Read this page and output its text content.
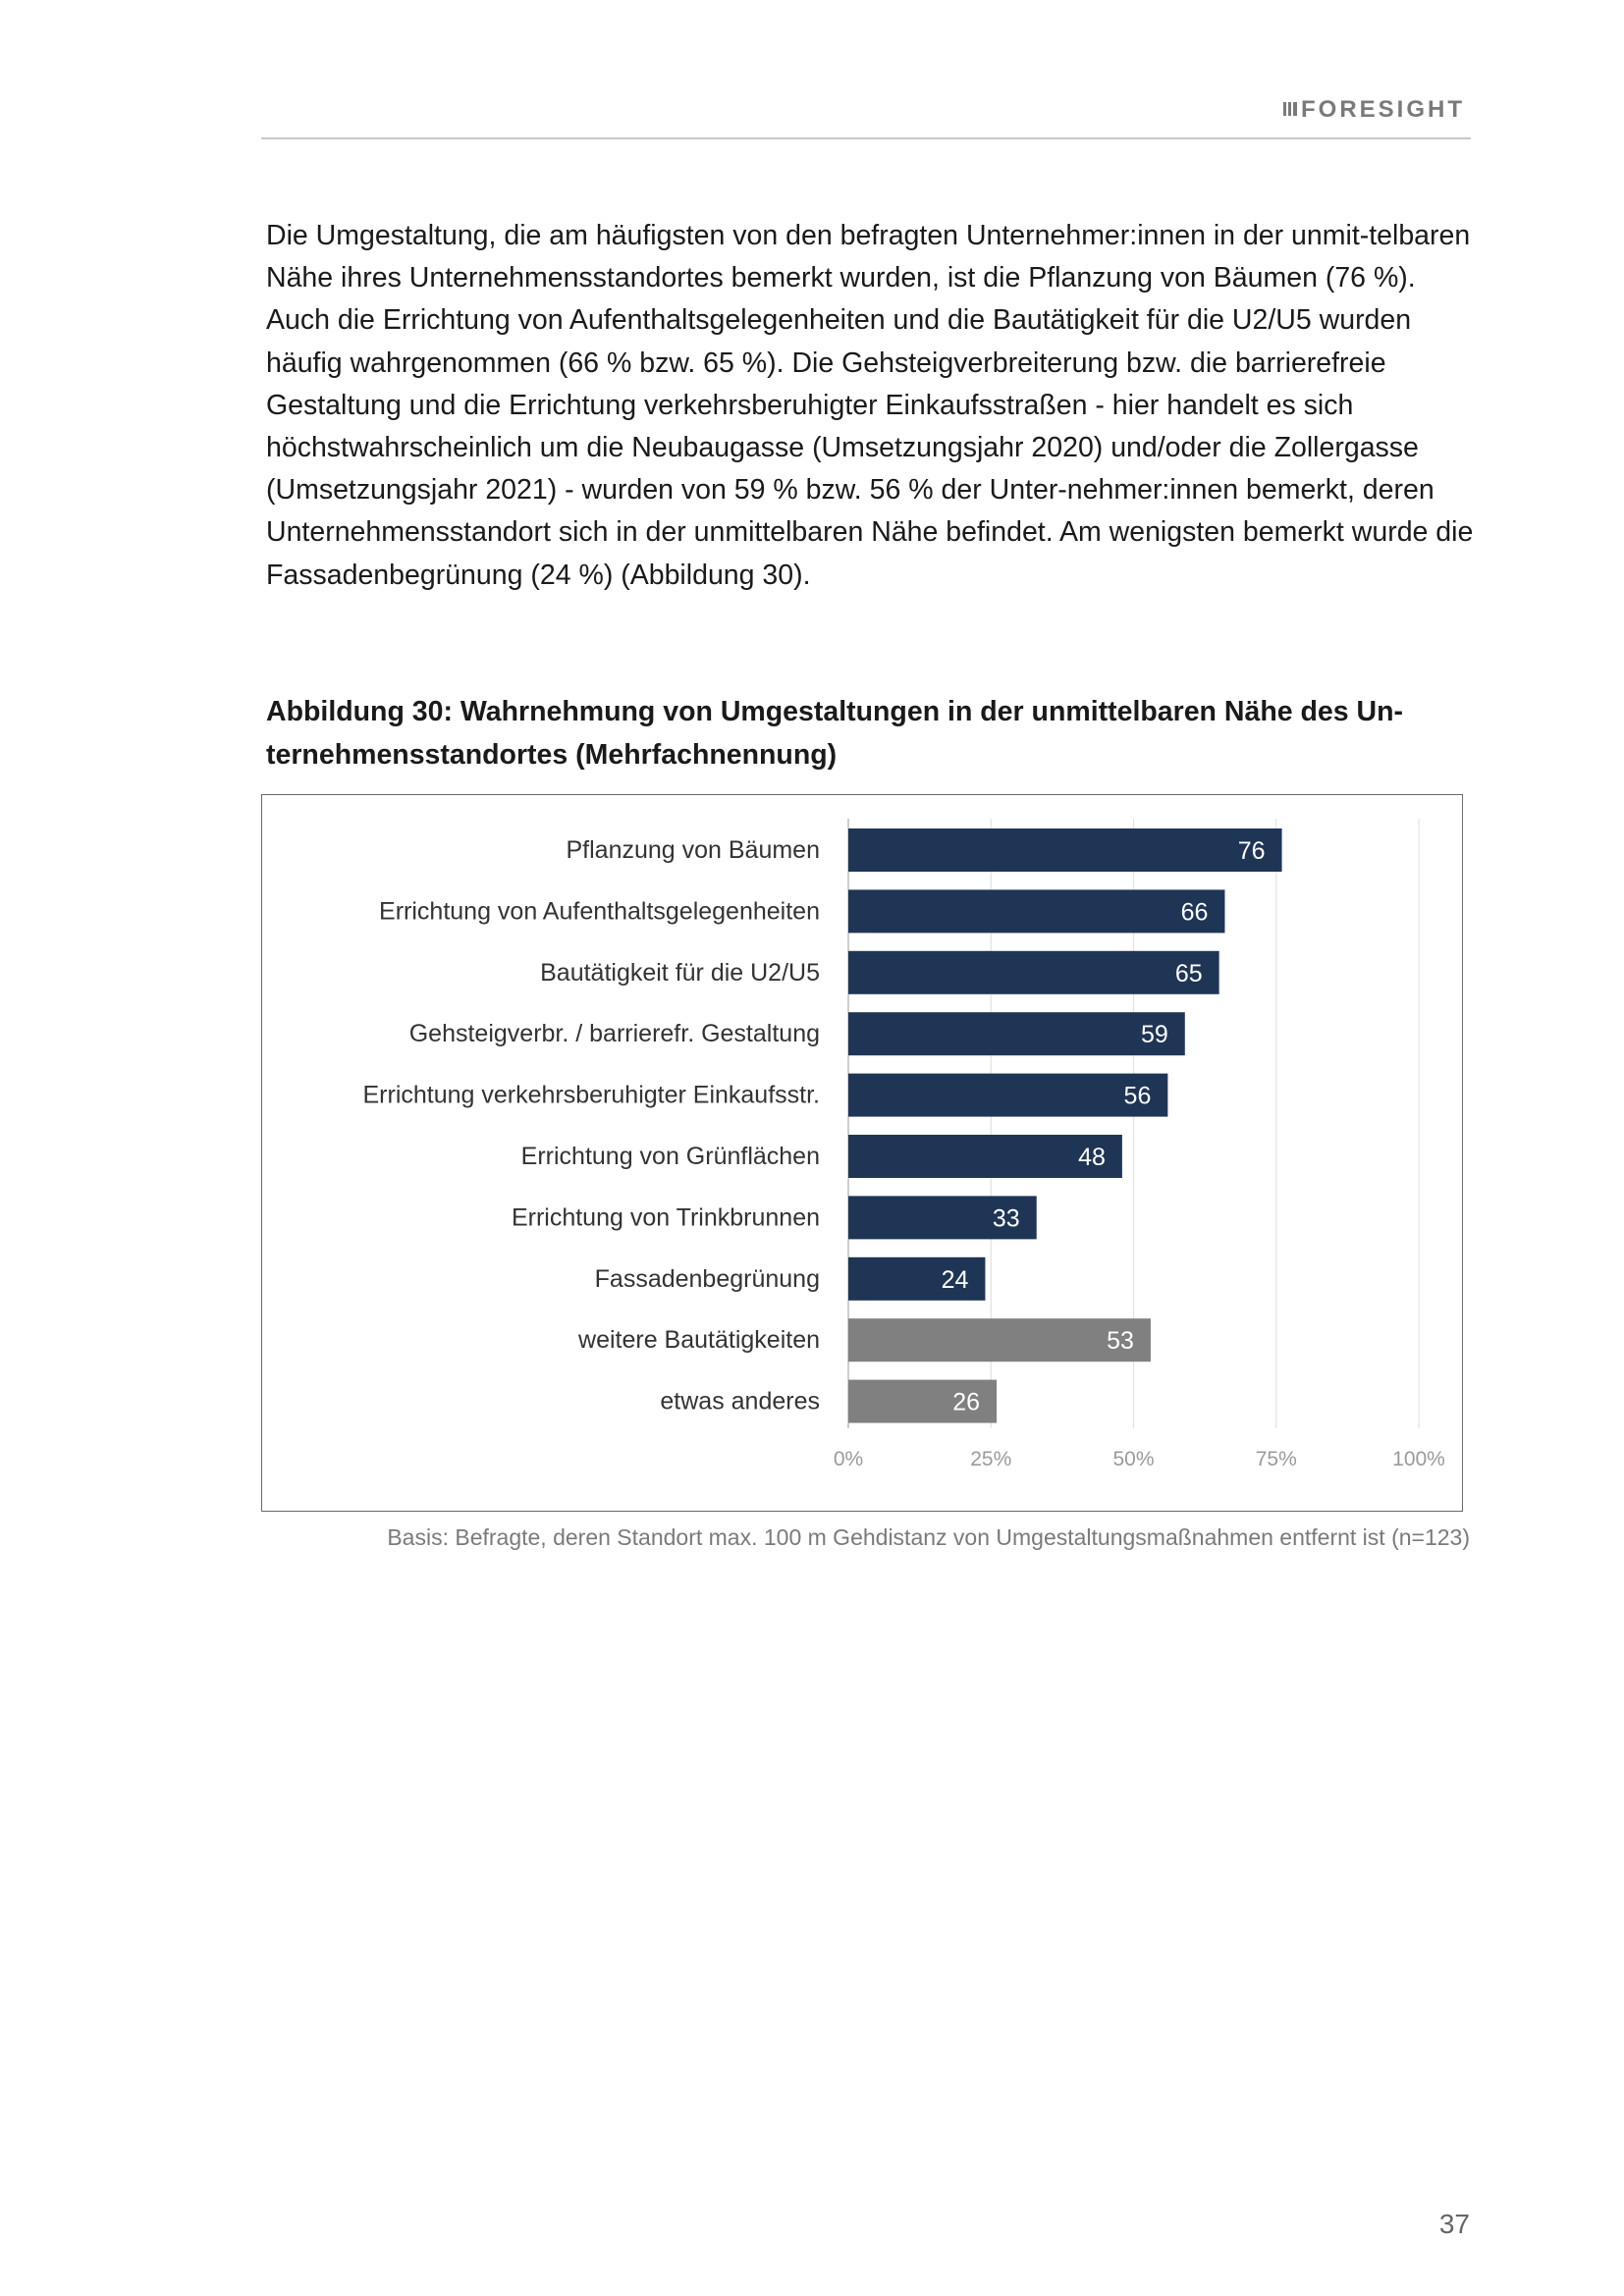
FORESIGHT

Die Umgestaltung, die am häufigsten von den befragten Unternehmer:innen in der unmit-telbaren Nähe ihres Unternehmensstandortes bemerkt wurden, ist die Pflanzung von Bäumen (76 %). Auch die Errichtung von Aufenthaltsgelegenheiten und die Bautätigkeit für die U2/U5 wurden häufig wahrgenommen (66 % bzw. 65 %). Die Gehsteigverbreiterung bzw. die barrierefreie Gestaltung und die Errichtung verkehrsberuhigter Einkaufsstraßen - hier handelt es sich höchstwahrscheinlich um die Neubaugasse (Umsetzungsjahr 2020) und/oder die Zollergasse (Umsetzungsjahr 2021) - wurden von 59 % bzw. 56 % der Unter-nehmer:innen bemerkt, deren Unternehmensstandort sich in der unmittelbaren Nähe befindet. Am wenigsten bemerkt wurde die Fassadenbegrünung (24 %) (Abbildung 30).

Abbildung 30: Wahrnehmung von Umgestaltungen in der unmittelbaren Nähe des Un-ternehmensstandortes (Mehrfachnennung)

Pflanzung von Bäumen	76
Errichtung von Aufenthaltsgelegenheiten	66
Bautätigkeit für die U2/U5	65
Gehsteigverbr. / barrierefr. Gestaltung	59
Errichtung verkehrsberuhigter Einkaufsstr.	56
Errichtung von Grünflächen	48
Errichtung von Trinkbrunnen	33
Fassadenbegrünung	24
weitere Bautätigkeiten	53
etwas anderes	26
0%	25%	50%	75%	100%
Basis: Befragte, deren Standort max. 100 m Gehdistanz von Umgestaltungsmaßnahmen entfernt ist (n=123)
37
